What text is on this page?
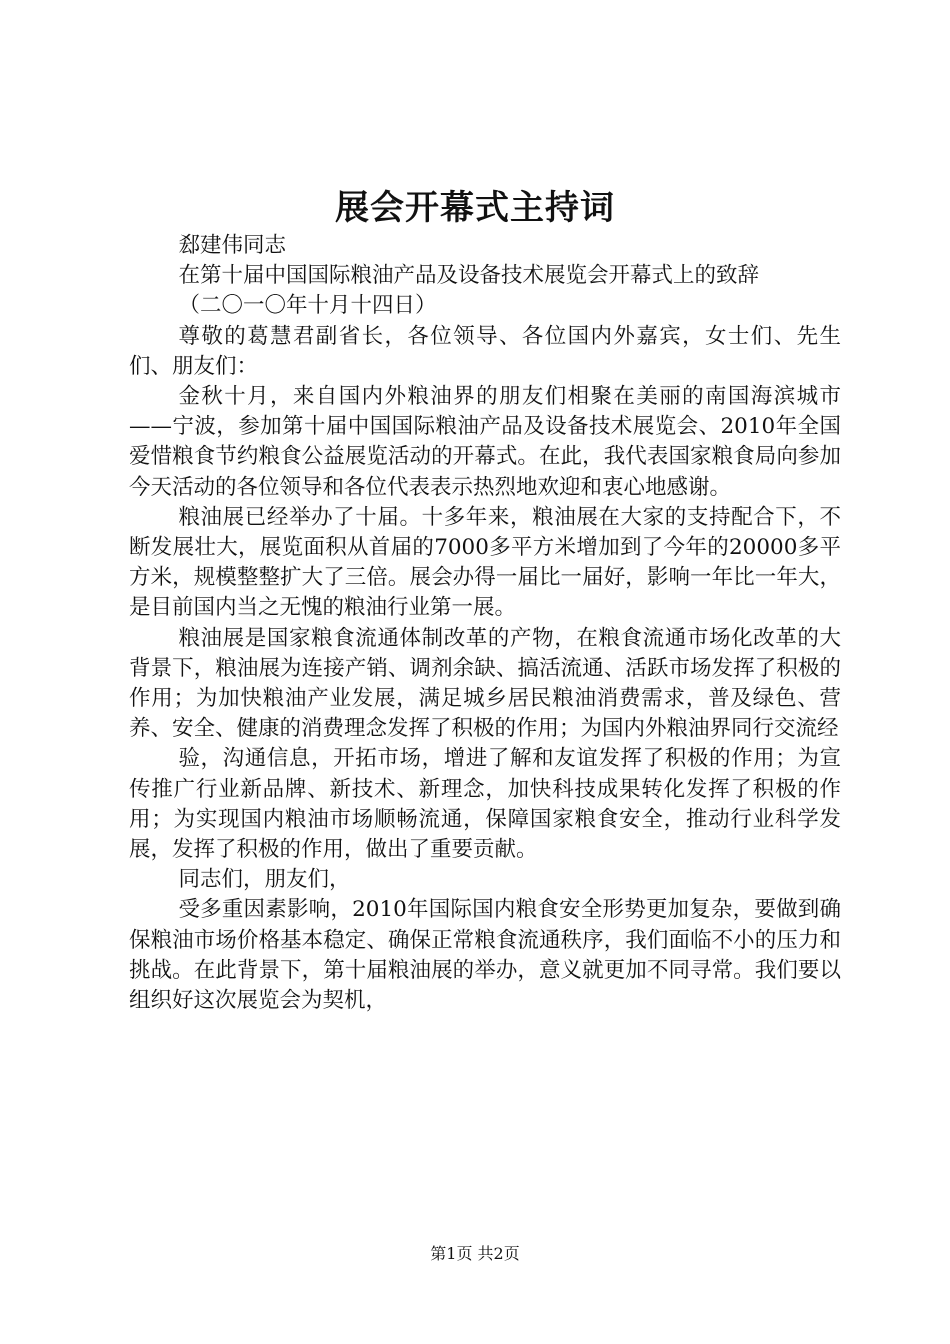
展会开幕式主持词

郄建伟同志

在第十届中国国际粮油产品及设备技术展览会开幕式上的致辞

（二〇一〇年十月十四日）

尊敬的葛慧君副省长，各位领导、各位国内外嘉宾，女士们、先生们、朋友们：

金秋十月，来自国内外粮油界的朋友们相聚在美丽的南国海滨城市——宁波，参加第十届中国国际粮油产品及设备技术展览会、2010年全国爱惜粮食节约粮食公益展览活动的开幕式。在此，我代表国家粮食局向参加今天活动的各位领导和各位代表表示热烈地欢迎和衷心地感谢。

粮油展已经举办了十届。十多年来，粮油展在大家的支持配合下，不断发展壮大，展览面积从首届的7000多平方米增加到了今年的20000多平方米，规模整整扩大了三倍。展会办得一届比一届好，影响一年比一年大，是目前国内当之无愧的粮油行业第一展。

粮油展是国家粮食流通体制改革的产物，在粮食流通市场化改革的大背景下，粮油展为连接产销、调剂余缺、搞活流通、活跃市场发挥了积极的作用；为加快粮油产业发展，满足城乡居民粮油消费需求，普及绿色、营养、安全、健康的消费理念发挥了积极的作用；为国内外粮油界同行交流经

验，沟通信息，开拓市场，增进了解和友谊发挥了积极的作用；为宣传推广行业新品牌、新技术、新理念，加快科技成果转化发挥了积极的作用；为实现国内粮油市场顺畅流通，保障国家粮食安全，推动行业科学发展，发挥了积极的作用，做出了重要贡献。

同志们，朋友们，

受多重因素影响，2010年国际国内粮食安全形势更加复杂，要做到确保粮油市场价格基本稳定、确保正常粮食流通秩序，我们面临不小的压力和挑战。在此背景下，第十届粮油展的举办，意义就更加不同寻常。我们要以组织好这次展览会为契机，

第1页 共2页
